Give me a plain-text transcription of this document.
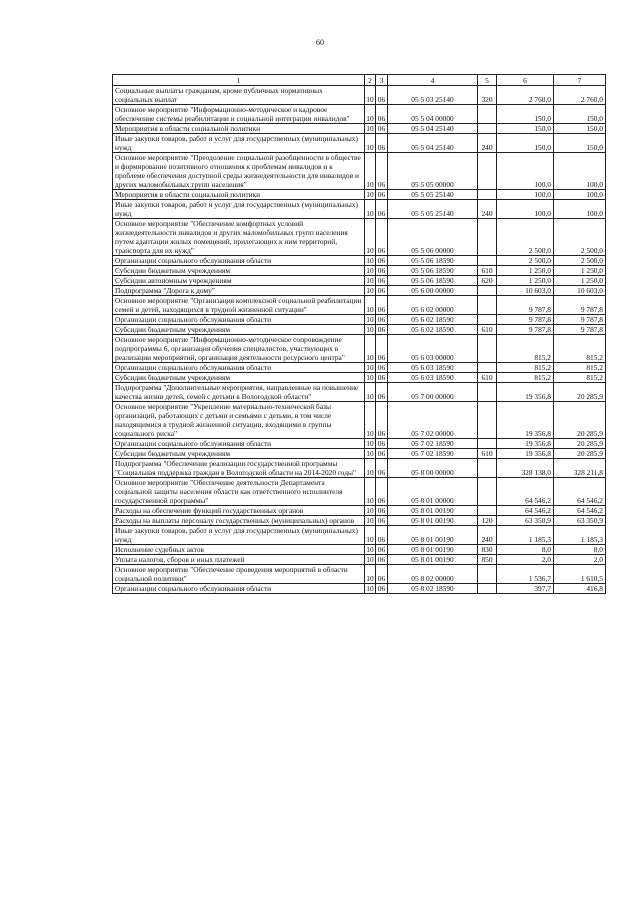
60
1	2	3	4	5	6	7
Социальные выплаты гражданам, кроме публичных нормативных социальных выплат	10	06	05 5 03 25140	320	2 760,0	2 760,0
Основное мероприятие "Информационно-методическое и кадровое обеспечение системы реабилитации и социальной интеграции инвалидов"	10	06	05 5 04 00000		150,0	150,0
Мероприятия в области социальной политики	10	06	05 5 04 25140		150,0	150,0
Иные закупки товаров, работ и услуг для государственных (муниципальных) нужд	10	06	05 5 04 25140	240	150,0	150,0
Основное мероприятие "Преодоление социальной разобщенности в обществе и формирование позитивного отношения к проблемам инвалидов и к проблеме обеспечения доступной среды жизнедеятельности для инвалидов и других маломобильных групп населения"	10	06	05 5 05 00000		100,0	100,0
Мероприятия в области социальной политики	10	06	05 5 05 25140		100,0	100,0
Иные закупки товаров, работ и услуг для государственных (муниципальных) нужд	10	06	05 5 05 25140	240	100,0	100,0
Основное мероприятие "Обеспечение комфортных условий жизнедеятельности инвалидов и других маломобильных групп населения путем адаптации жилых помещений, прилегающих к ним территорий, транспорта для их нужд"	10	06	05 5 06 00000		2 500,0	2 500,0
Организации социального обслуживания области	10	06	05 5 06 18590		2 500,0	2 500,0
Субсидии бюджетным учреждениям	10	06	05 5 06 18590	610	1 250,0	1 250,0
Субсидии автономным учреждениям	10	06	05 5 06 18590	620	1 250,0	1 250,0
Подпрограмма "Дорога к дому"	10	06	05 6 00 00000		10 603,0	10 603,0
Основное мероприятие "Организация комплексной социальной реабилитации семей и детей, находящихся в трудной жизненной ситуации"	10	06	05 6 02 00000		9 787,8	9 787,8
Организации социального обслуживания области	10	06	05 6 02 18590		9 787,8	9 787,8
Субсидии бюджетным учреждениям	10	06	05 6 02 18590	610	9 787,8	9 787,8
Основное мероприятие "Информационно-методическое сопровождение подпрограммы 6, организация обучения специалистов, участвующих в реализации мероприятий, организация деятельности ресурсного центра"	10	06	05 6 03 00000		815,2	815,2
Организации социального обслуживания области	10	06	05 6 03 18590		815,2	815,2
Субсидии бюджетным учреждениям	10	06	05 6 03 18590	610	815,2	815,2
Подпрограмма "Дополнительные мероприятия, направленные на повышение качества жизни детей, семей с детьми в Вологодской области"	10	06	05 7 00 00000		19 356,8	20 285,9
Основное мероприятие "Укрепление материально-технической базы организаций, работающих с детьми и семьями с детьми, в том числе находящимися в трудной жизненной ситуации, входящими в группы социального риска"	10	06	05 7 02 00000		19 356,8	20 285,9
Организации социального обслуживания области	10	06	05 7 02 18590		19 356,8	20 285,9
Субсидии бюджетным учреждениям	10	06	05 7 02 18590	610	19 356,8	20 285,9
Подпрограмма "Обеспечение реализации государственной программы "Социальная поддержка граждан в Вологодской области на 2014-2020 годы"	10	06	05 8 00 00000		328 138,0	328 211,8
Основное мероприятие "Обеспечение деятельности Департамента социальной защиты населения области как ответственного исполнителя государственной программы"	10	06	05 8 01 00000		64 546,2	64 546,2
Расходы на обеспечение функций государственных органов	10	06	05 8 01 00190		64 546,2	64 546,2
Расходы на выплаты персоналу государственных (муниципальных) органов	10	06	05 8 01 00190	120	63 350,9	63 350,9
Иные закупки товаров, работ и услуг для государственных (муниципальных) нужд	10	06	05 8 01 00190	240	1 185,3	1 185,3
Исполнение судебных актов	10	06	05 8 01 00190	830	8,0	8,0
Уплата налогов, сборов и иных платежей	10	06	05 8 01 00190	850	2,0	2,0
Основное мероприятие "Обеспечение проведения мероприятий в области социальной политики"	10	06	05 8 02 00000		1 536,7	1 610,5
Организации социального обслуживания области	10	06	05 8 02 18590		397,7	416,8
